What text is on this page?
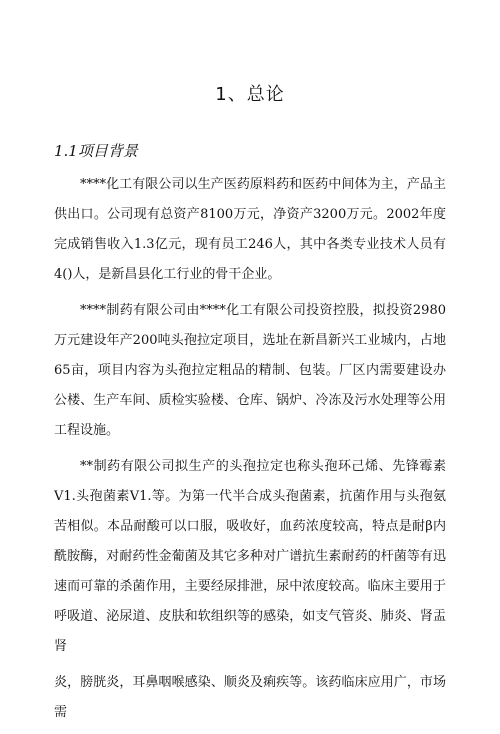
1、总论
1.1项目背景

****化工有限公司以生产医药原料药和医药中间体为主，产品主供出口。公司现有总资产8100万元，净资产3200万元。2002年度完成销售收入1.3亿元，现有员工246人，其中各类专业技术人员有4()人，是新昌县化工行业的骨干企业。

****制药有限公司由****化工有限公司投资控股，拟投资2980万元建设年产200吨头孢拉定项目，选址在新昌新兴工业城内，占地65亩，项目内容为头孢拉定粗品的精制、包装。厂区内需要建设办公楼、生产车间、质检实验楼、仓库、锅炉、冷冻及污水处理等公用工程设施。

**制药有限公司拟生产的头孢拉定也称头孢环己烯、先锋霉素V1.头孢菌素V1.等。为第一代半合成头孢菌素，抗菌作用与头孢氨苦相似。本品耐酸可以口服，吸收好，血药浓度较高，特点是耐β内酰胺酶，对耐药性金葡菌及其它多种对广谱抗生素耐药的杆菌等有迅速而可靠的杀菌作用，主要经尿排泄，尿中浓度较高。临床主要用于呼吸道、泌尿道、皮肤和软组织等的感染，如支气管炎、肺炎、肾盂肾

炎，膀胱炎，耳鼻咽喉感染、顺炎及痢疾等。该药临床应用广，市场需
